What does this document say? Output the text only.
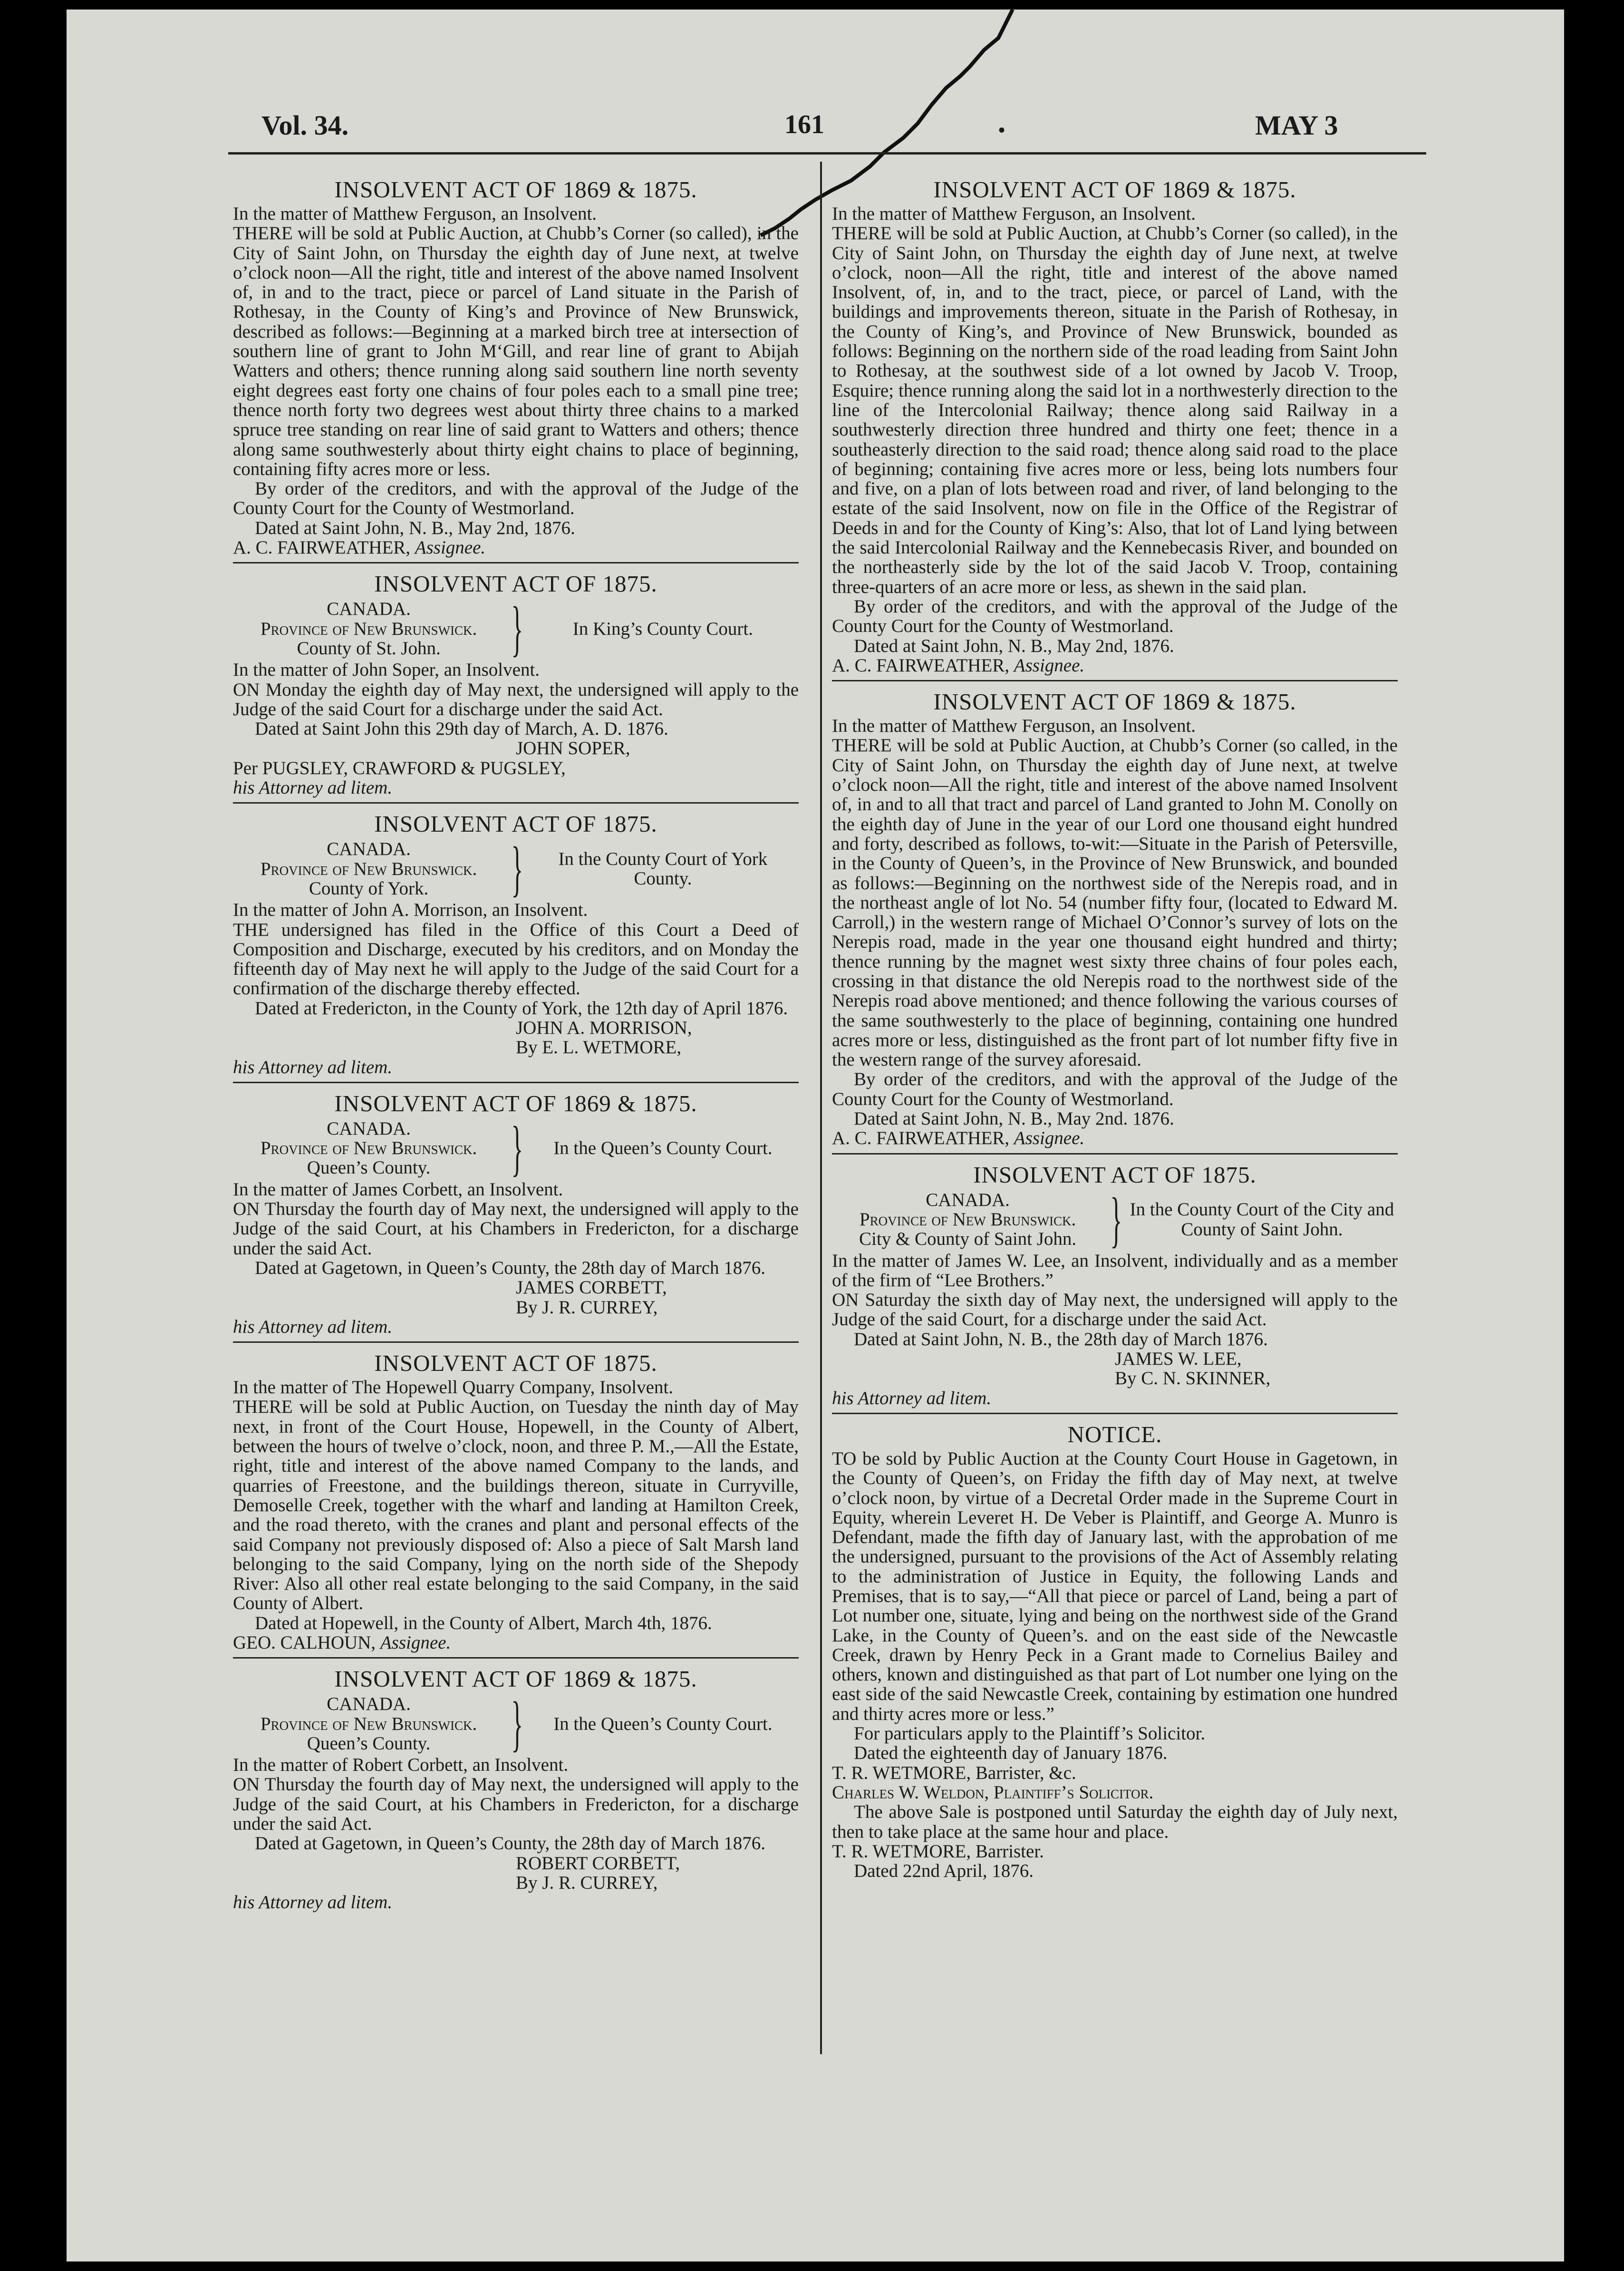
Vol. 34.	161	•	MAY 3
INSOLVENT ACT OF 1869 & 1875.

In the matter of Matthew Ferguson, an Insolvent.

THERE will be sold at Public Auction, at Chubb’s Corner (so called), in the City of Saint John, on Thursday the eighth day of June next, at twelve o’clock noon—All the right, title and interest of the above named Insolvent of, in and to the tract, piece or parcel of Land situate in the Parish of Rothesay, in the County of King’s and Province of New Brunswick, described as follows:—Beginning at a marked birch tree at intersection of southern line of grant to John M‘Gill, and rear line of grant to Abijah Watters and others; thence running along said southern line north seventy eight degrees east forty one chains of four poles each to a small pine tree; thence north forty two degrees west about thirty three chains to a marked spruce tree standing on rear line of said grant to Watters and others; thence along same southwesterly about thirty eight chains to place of beginning, containing fifty acres more or less.

By order of the creditors, and with the approval of the Judge of the County Court for the County of Westmorland.

Dated at Saint John, N. B., May 2nd, 1876.

A. C. FAIRWEATHER, Assignee.

INSOLVENT ACT OF 1875.
CANADA.
Province of New Brunswick.
County of St. John.	}	In King’s County Court.

In the matter of John Soper, an Insolvent.

ON Monday the eighth day of May next, the undersigned will apply to the Judge of the said Court for a discharge under the said Act.

Dated at Saint John this 29th day of March, A. D. 1876.

JOHN SOPER,

Per PUGSLEY, CRAWFORD & PUGSLEY,

his Attorney ad litem.

INSOLVENT ACT OF 1875.
CANADA.
Province of New Brunswick.
County of York.	}	In the County Court of York County.

In the matter of John A. Morrison, an Insolvent.

THE undersigned has filed in the Office of this Court a Deed of Composition and Discharge, executed by his creditors, and on Monday the fifteenth day of May next he will apply to the Judge of the said Court for a confirmation of the discharge thereby effected.

Dated at Fredericton, in the County of York, the 12th day of April 1876.

JOHN A. MORRISON,

By E. L. WETMORE,

his Attorney ad litem.

INSOLVENT ACT OF 1869 & 1875.
CANADA.
Province of New Brunswick.
Queen’s County.	}	In the Queen’s County Court.

In the matter of James Corbett, an Insolvent.

ON Thursday the fourth day of May next, the undersigned will apply to the Judge of the said Court, at his Chambers in Fredericton, for a discharge under the said Act.

Dated at Gagetown, in Queen’s County, the 28th day of March 1876.

JAMES CORBETT,

By J. R. CURREY,

his Attorney ad litem.

INSOLVENT ACT OF 1875.

In the matter of The Hopewell Quarry Company, Insolvent.

THERE will be sold at Public Auction, on Tuesday the ninth day of May next, in front of the Court House, Hopewell, in the County of Albert, between the hours of twelve o’clock, noon, and three P. M.,—All the Estate, right, title and interest of the above named Company to the lands, and quarries of Freestone, and the buildings thereon, situate in Curryville, Demoselle Creek, together with the wharf and landing at Hamilton Creek, and the road thereto, with the cranes and plant and personal effects of the said Company not previously disposed of: Also a piece of Salt Marsh land belonging to the said Company, lying on the north side of the Shepody River: Also all other real estate belonging to the said Company, in the said County of Albert.

Dated at Hopewell, in the County of Albert, March 4th, 1876.

GEO. CALHOUN, Assignee.

INSOLVENT ACT OF 1869 & 1875.
CANADA.
Province of New Brunswick.
Queen’s County.	}	In the Queen’s County Court.

In the matter of Robert Corbett, an Insolvent.

ON Thursday the fourth day of May next, the undersigned will apply to the Judge of the said Court, at his Chambers in Fredericton, for a discharge under the said Act.

Dated at Gagetown, in Queen’s County, the 28th day of March 1876.

ROBERT CORBETT,

By J. R. CURREY,

his Attorney ad litem.

INSOLVENT ACT OF 1869 & 1875.

In the matter of Matthew Ferguson, an Insolvent.

THERE will be sold at Public Auction, at Chubb’s Corner (so called), in the City of Saint John, on Thursday the eighth day of June next, at twelve o’clock, noon—All the right, title and interest of the above named Insolvent, of, in, and to the tract, piece, or parcel of Land, with the buildings and improvements thereon, situate in the Parish of Rothesay, in the County of King’s, and Province of New Brunswick, bounded as follows: Beginning on the northern side of the road leading from Saint John to Rothesay, at the southwest side of a lot owned by Jacob V. Troop, Esquire; thence running along the said lot in a northwesterly direction to the line of the Intercolonial Railway; thence along said Railway in a southwesterly direction three hundred and thirty one feet; thence in a southeasterly direction to the said road; thence along said road to the place of beginning; containing five acres more or less, being lots numbers four and five, on a plan of lots between road and river, of land belonging to the estate of the said Insolvent, now on file in the Office of the Registrar of Deeds in and for the County of King’s: Also, that lot of Land lying between the said Intercolonial Railway and the Kennebecasis River, and bounded on the northeasterly side by the lot of the said Jacob V. Troop, containing three-quarters of an acre more or less, as shewn in the said plan.

By order of the creditors, and with the approval of the Judge of the County Court for the County of Westmorland.

Dated at Saint John, N. B., May 2nd, 1876.

A. C. FAIRWEATHER, Assignee.

INSOLVENT ACT OF 1869 & 1875.

In the matter of Matthew Ferguson, an Insolvent.

THERE will be sold at Public Auction, at Chubb’s Corner (so called, in the City of Saint John, on Thursday the eighth day of June next, at twelve o’clock noon—All the right, title and interest of the above named Insolvent of, in and to all that tract and parcel of Land granted to John M. Conolly on the eighth day of June in the year of our Lord one thousand eight hundred and forty, described as follows, to-wit:—Situate in the Parish of Petersville, in the County of Queen’s, in the Province of New Brunswick, and bounded as follows:—Beginning on the northwest side of the Nerepis road, and in the northeast angle of lot No. 54 (number fifty four, (located to Edward M. Carroll,) in the western range of Michael O’Connor’s survey of lots on the Nerepis road, made in the year one thousand eight hundred and thirty; thence running by the magnet west sixty three chains of four poles each, crossing in that distance the old Nerepis road to the northwest side of the Nerepis road above mentioned; and thence following the various courses of the same southwesterly to the place of beginning, containing one hundred acres more or less, distinguished as the front part of lot number fifty five in the western range of the survey aforesaid.

By order of the creditors, and with the approval of the Judge of the County Court for the County of Westmorland.

Dated at Saint John, N. B., May 2nd. 1876.

A. C. FAIRWEATHER, Assignee.

INSOLVENT ACT OF 1875.
CANADA.
Province of New Brunswick.
City & County of Saint John. } In the County Court of the City and County of Saint John.

In the matter of James W. Lee, an Insolvent, individually and as a member of the firm of “Lee Brothers.”

ON Saturday the sixth day of May next, the undersigned will apply to the Judge of the said Court, for a discharge under the said Act.

Dated at Saint John, N. B., the 28th day of March 1876.

JAMES W. LEE,

By C. N. SKINNER,

his Attorney ad litem.

NOTICE.

TO be sold by Public Auction at the County Court House in Gagetown, in the County of Queen’s, on Friday the fifth day of May next, at twelve o’clock noon, by virtue of a Decretal Order made in the Supreme Court in Equity, wherein Leveret H. De Veber is Plaintiff, and George A. Munro is Defendant, made the fifth day of January last, with the approbation of me the undersigned, pursuant to the provisions of the Act of Assembly relating to the administration of Justice in Equity, the following Lands and Premises, that is to say,—“All that piece or parcel of Land, being a part of Lot number one, situate, lying and being on the northwest side of the Grand Lake, in the County of Queen’s. and on the east side of the Newcastle Creek, drawn by Henry Peck in a Grant made to Cornelius Bailey and others, known and distinguished as that part of Lot number one lying on the east side of the said Newcastle Creek, containing by estimation one hundred and thirty acres more or less.”

For particulars apply to the Plaintiff’s Solicitor.

Dated the eighteenth day of January 1876.

T. R. WETMORE, Barrister, &c.

Charles W. Weldon, Plaintiff’s Solicitor.

The above Sale is postponed until Saturday the eighth day of July next, then to take place at the same hour and place.

T. R. WETMORE, Barrister.

Dated 22nd April, 1876.
